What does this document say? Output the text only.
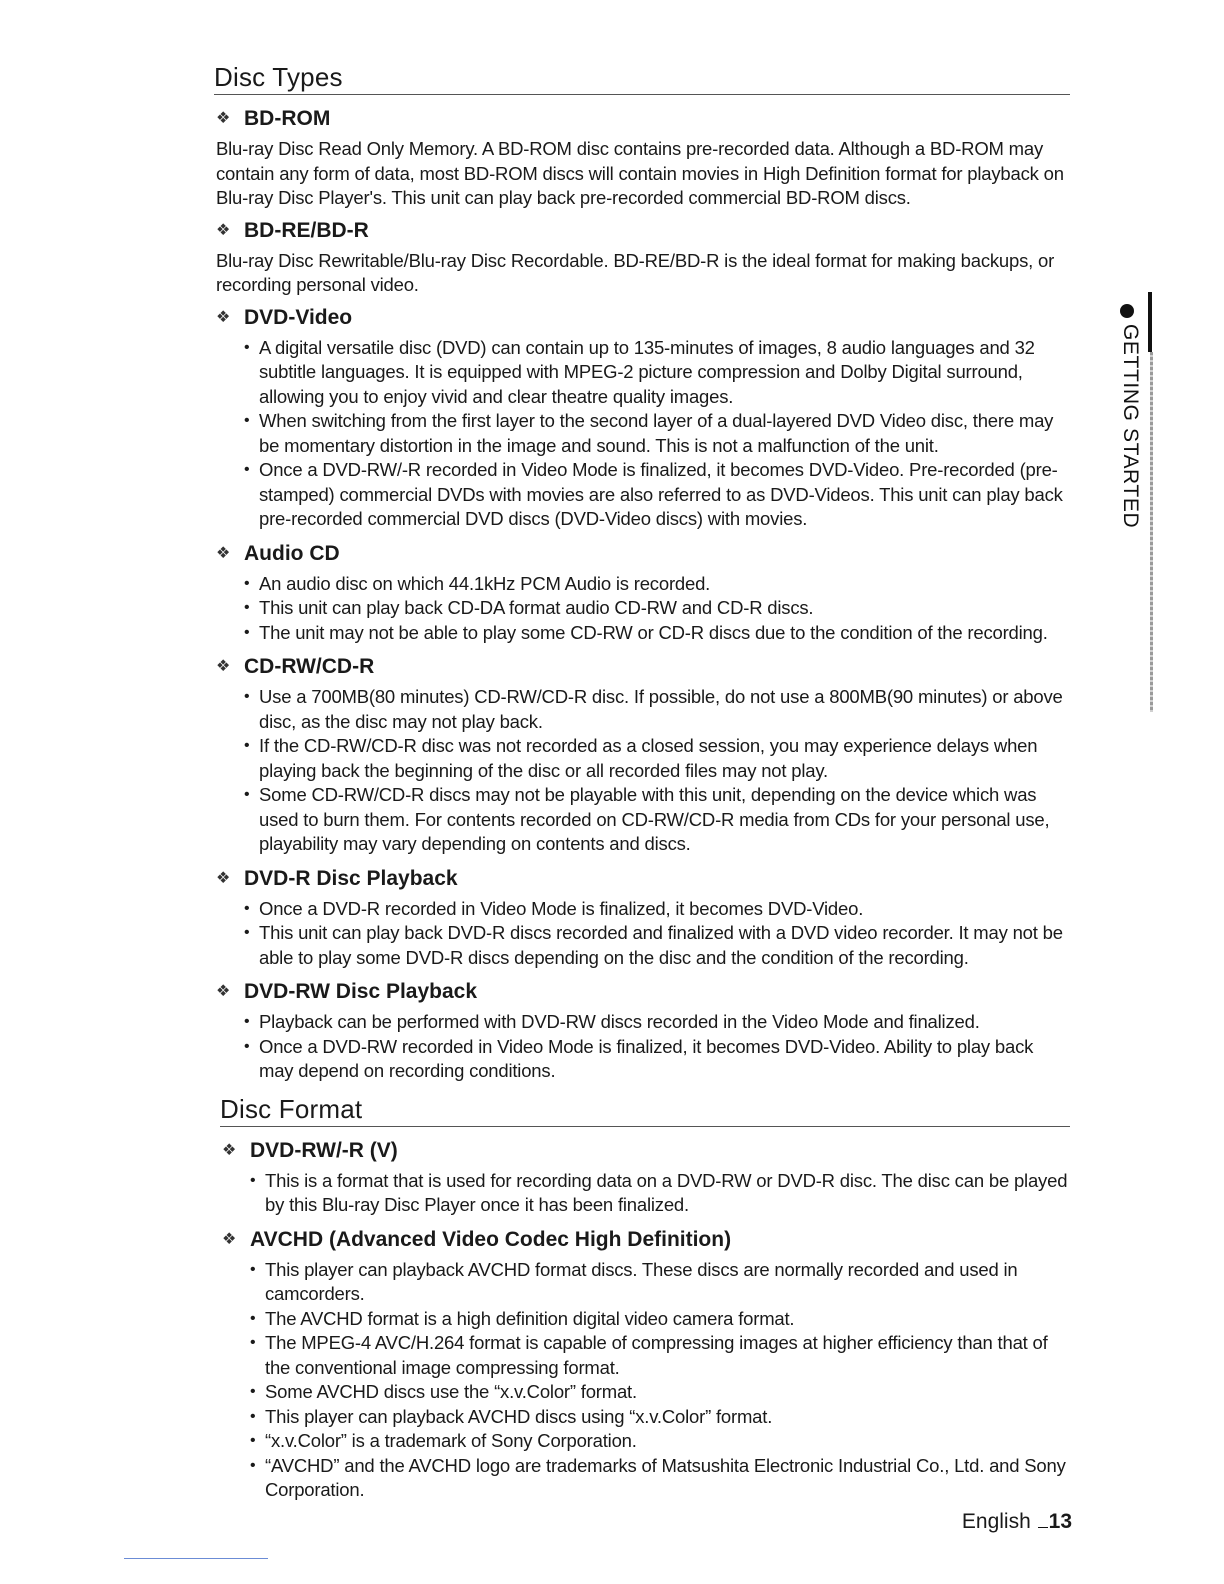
Disc Types
❖ BD-ROM

Blu-ray Disc Read Only Memory. A BD-ROM disc contains pre-recorded data. Although a BD-ROM may contain any form of data, most BD-ROM discs will contain movies in High Definition format for playback on Blu-ray Disc Player's. This unit can play back pre-recorded commercial BD-ROM discs.

❖ BD-RE/BD-R

Blu-ray Disc Rewritable/Blu-ray Disc Recordable. BD-RE/BD-R is the ideal format for making backups, or recording personal video.

❖ DVD-Video
• A digital versatile disc (DVD) can contain up to 135-minutes of images, 8 audio languages and 32 subtitle languages. It is equipped with MPEG-2 picture compression and Dolby Digital surround, allowing you to enjoy vivid and clear theatre quality images.
• When switching from the first layer to the second layer of a dual-layered DVD Video disc, there may be momentary distortion in the image and sound. This is not a malfunction of the unit.
• Once a DVD-RW/-R recorded in Video Mode is finalized, it becomes DVD-Video. Pre-recorded (pre-stamped) commercial DVDs with movies are also referred to as DVD-Videos. This unit can play back pre-recorded commercial DVD discs (DVD-Video discs) with movies.
❖ Audio CD
• An audio disc on which 44.1kHz PCM Audio is recorded.
• This unit can play back CD-DA format audio CD-RW and CD-R discs.
• The unit may not be able to play some CD-RW or CD-R discs due to the condition of the recording.
❖ CD-RW/CD-R
• Use a 700MB(80 minutes) CD-RW/CD-R disc. If possible, do not use a 800MB(90 minutes) or above disc, as the disc may not play back.
• If the CD-RW/CD-R disc was not recorded as a closed session, you may experience delays when playing back the beginning of the disc or all recorded files may not play.
• Some CD-RW/CD-R discs may not be playable with this unit, depending on the device which was used to burn them. For contents recorded on CD-RW/CD-R media from CDs for your personal use, playability may vary depending on contents and discs.
❖ DVD-R Disc Playback
• Once a DVD-R recorded in Video Mode is finalized, it becomes DVD-Video.
• This unit can play back DVD-R discs recorded and finalized with a DVD video recorder. It may not be able to play some DVD-R discs depending on the disc and the condition of the recording.
❖ DVD-RW Disc Playback
• Playback can be performed with DVD-RW discs recorded in the Video Mode and finalized.
• Once a DVD-RW recorded in Video Mode is finalized, it becomes DVD-Video. Ability to play back may depend on recording conditions.
Disc Format
❖ DVD-RW/-R (V)
• This is a format that is used for recording data on a DVD-RW or DVD-R disc. The disc can be played by this Blu-ray Disc Player once it has been finalized.
❖ AVCHD (Advanced Video Codec High Definition)
• This player can playback AVCHD format discs. These discs are normally recorded and used in camcorders.
• The AVCHD format is a high definition digital video camera format.
• The MPEG-4 AVC/H.264 format is capable of compressing images at higher efficiency than that of the conventional image compressing format.
• Some AVCHD discs use the “x.v.Color” format.
• This player can playback AVCHD discs using “x.v.Color” format.
• “x.v.Color” is a trademark of Sony Corporation.
• “AVCHD” and the AVCHD logo are trademarks of Matsushita Electronic Industrial Co., Ltd. and Sony Corporation.
GETTING STARTED
English 13
